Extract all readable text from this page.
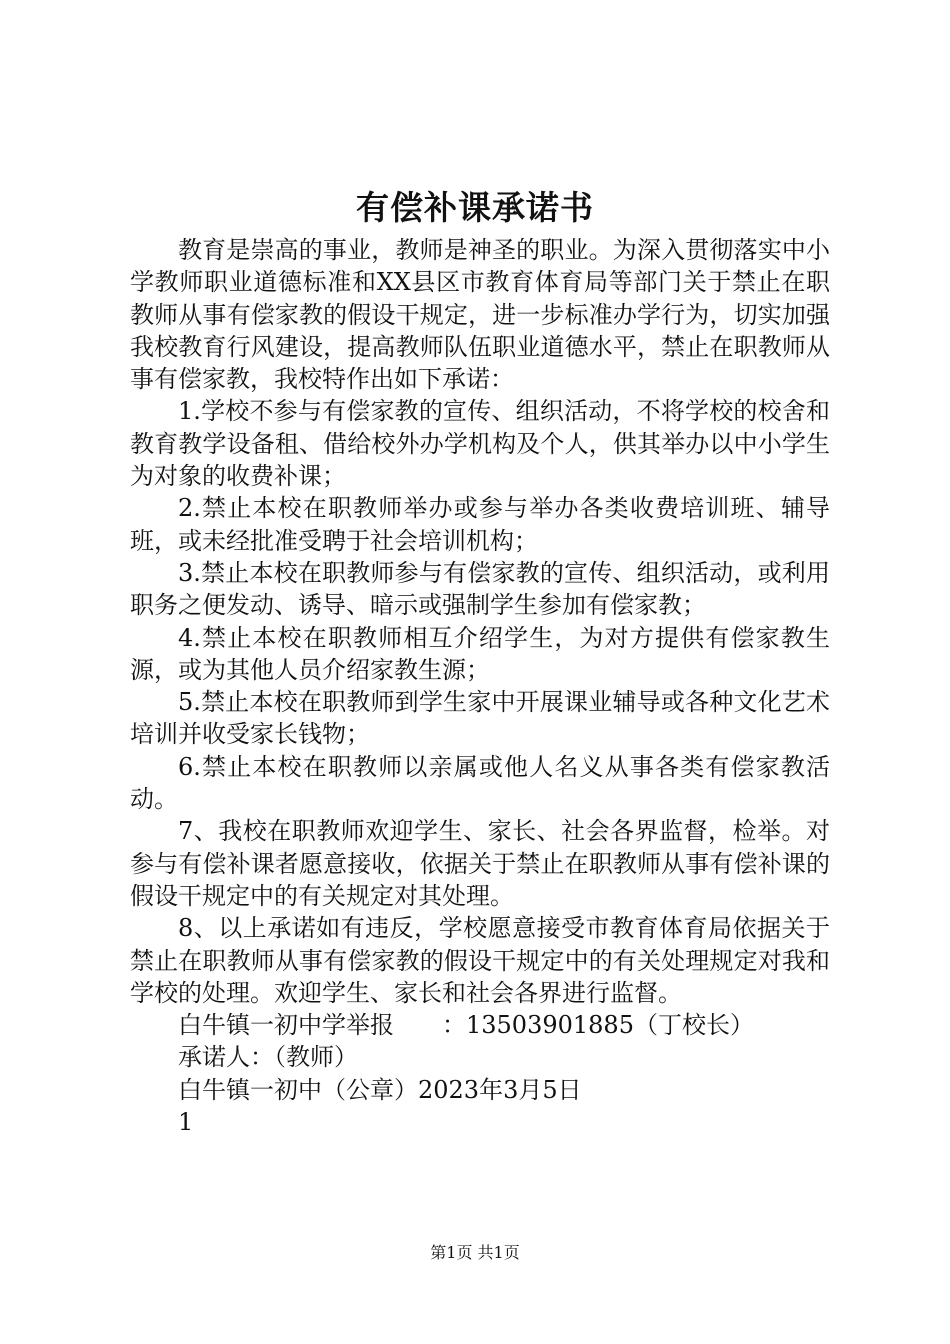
有偿补课承诺书

教育是崇高的事业，教师是神圣的职业。为深入贯彻落实中小学教师职业道德标准和XX县区市教育体育局等部门关于禁止在职教师从事有偿家教的假设干规定，进一步标准办学行为，切实加强我校教育行风建设，提高教师队伍职业道德水平，禁止在职教师从事有偿家教，我校特作出如下承诺：

1.学校不参与有偿家教的宣传、组织活动，不将学校的校舍和教育教学设备租、借给校外办学机构及个人，供其举办以中小学生为对象的收费补课；

2.禁止本校在职教师举办或参与举办各类收费培训班、辅导班，或未经批准受聘于社会培训机构；

3.禁止本校在职教师参与有偿家教的宣传、组织活动，或利用职务之便发动、诱导、暗示或强制学生参加有偿家教；

4.禁止本校在职教师相互介绍学生，为对方提供有偿家教生源，或为其他人员介绍家教生源；

5.禁止本校在职教师到学生家中开展课业辅导或各种文化艺术培训并收受家长钱物；

6.禁止本校在职教师以亲属或他人名义从事各类有偿家教活动。

7、我校在职教师欢迎学生、家长、社会各界监督，检举。对参与有偿补课者愿意接收，依据关于禁止在职教师从事有偿补课的假设干规定中的有关规定对其处理。

8、以上承诺如有违反，学校愿意接受市教育体育局依据关于禁止在职教师从事有偿家教的假设干规定中的有关处理规定对我和学校的处理。欢迎学生、家长和社会各界进行监督。

白牛镇一初中学举报　　：13503901885（丁校长）
承诺人：（教师）
白牛镇一初中（公章）2023年3月5日
1
第1页 共1页
